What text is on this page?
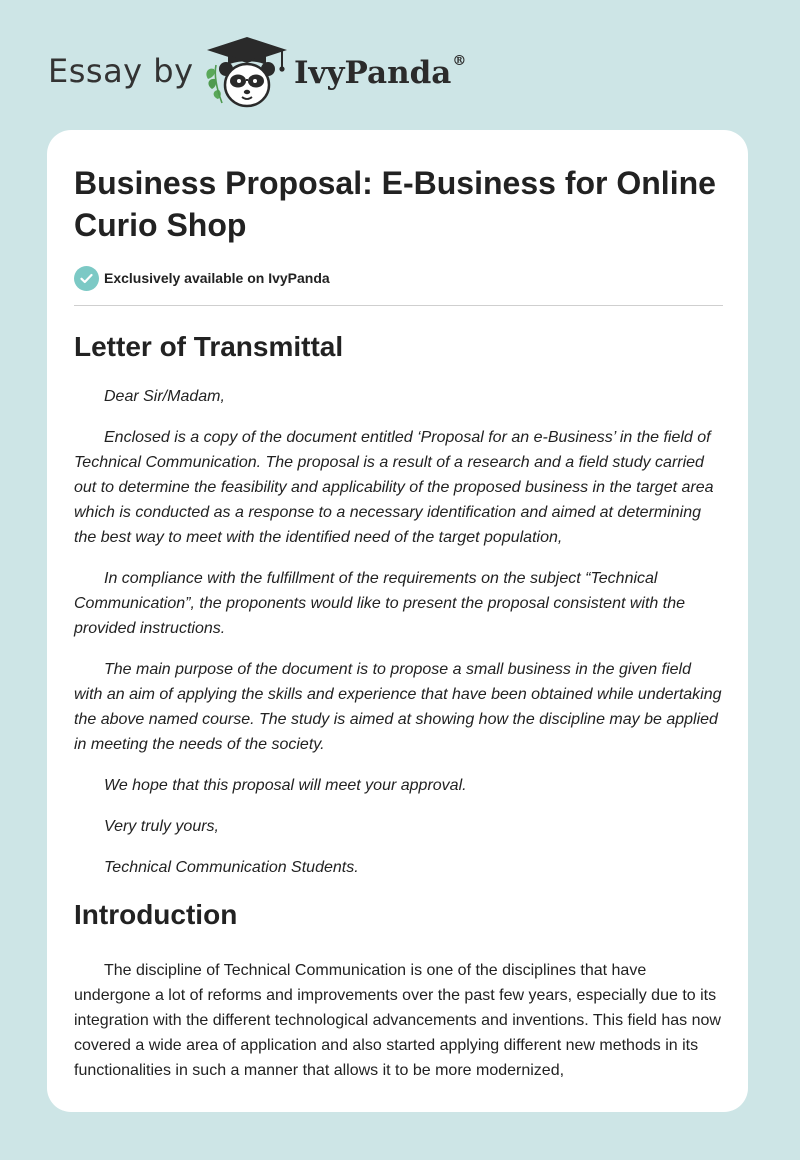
Essay by	IvyPanda®
Business Proposal: E-Business for Online Curio Shop
Exclusively available on IvyPanda
Letter of Transmittal

Dear Sir/Madam,

Enclosed is a copy of the document entitled ‘Proposal for an e-Business’ in the field of Technical Communication. The proposal is a result of a research and a field study carried out to determine the feasibility and applicability of the proposed business in the target area which is conducted as a response to a necessary identification and aimed at determining the best way to meet with the identified need of the target population,

In compliance with the fulfillment of the requirements on the subject “Technical Communication”, the proponents would like to present the proposal consistent with the provided instructions.

The main purpose of the document is to propose a small business in the given field with an aim of applying the skills and experience that have been obtained while undertaking the above named course. The study is aimed at showing how the discipline may be applied in meeting the needs of the society.

We hope that this proposal will meet your approval.

Very truly yours,

Technical Communication Students.

Introduction

The discipline of Technical Communication is one of the disciplines that have undergone a lot of reforms and improvements over the past few years, especially due to its integration with the different technological advancements and inventions. This field has now covered a wide area of application and also started applying different new methods in its functionalities in such a manner that allows it to be more modernized,
